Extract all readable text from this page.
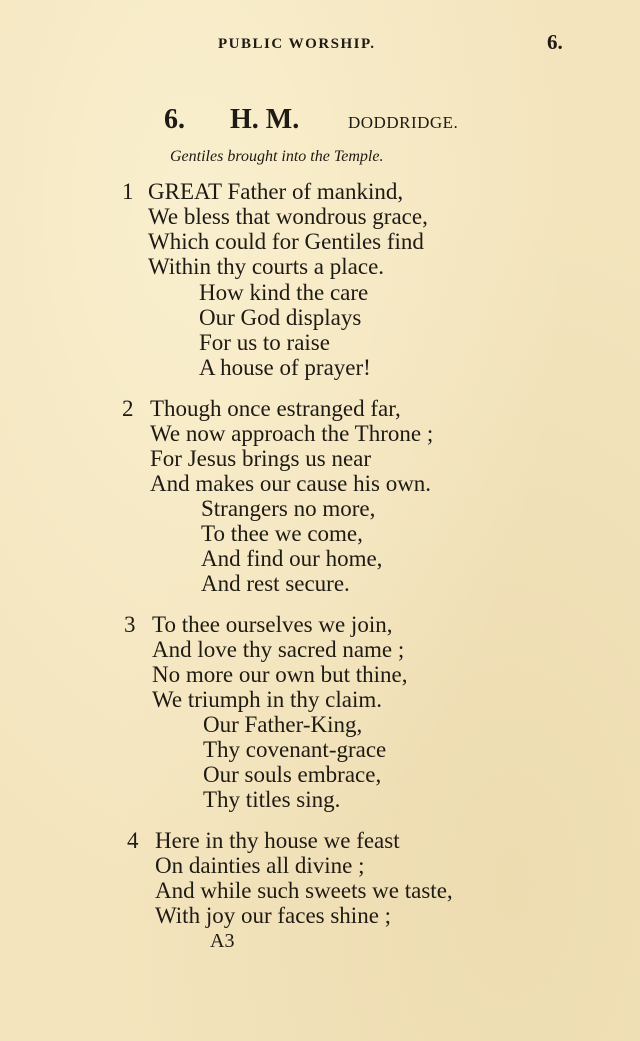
PUBLIC WORSHIP.	6.
6. H. M.	DODDRIDGE.
Gentiles brought into the Temple.
1 GREAT Father of mankind,
We bless that wondrous grace,
Which could for Gentiles find
Within thy courts a place.
How kind the care
Our God displays
For us to raise
A house of prayer!
2 Though once estranged far,
We now approach the Throne ;
For Jesus brings us near
And makes our cause his own.
Strangers no more,
To thee we come,
And find our home,
And rest secure.
3 To thee ourselves we join,
And love thy sacred name ;
No more our own but thine,
We triumph in thy claim.
Our Father-King,
Thy covenant-grace
Our souls embrace,
Thy titles sing.
4 Here in thy house we feast
On dainties all divine ;
And while such sweets we taste,
With joy our faces shine ;
A3
